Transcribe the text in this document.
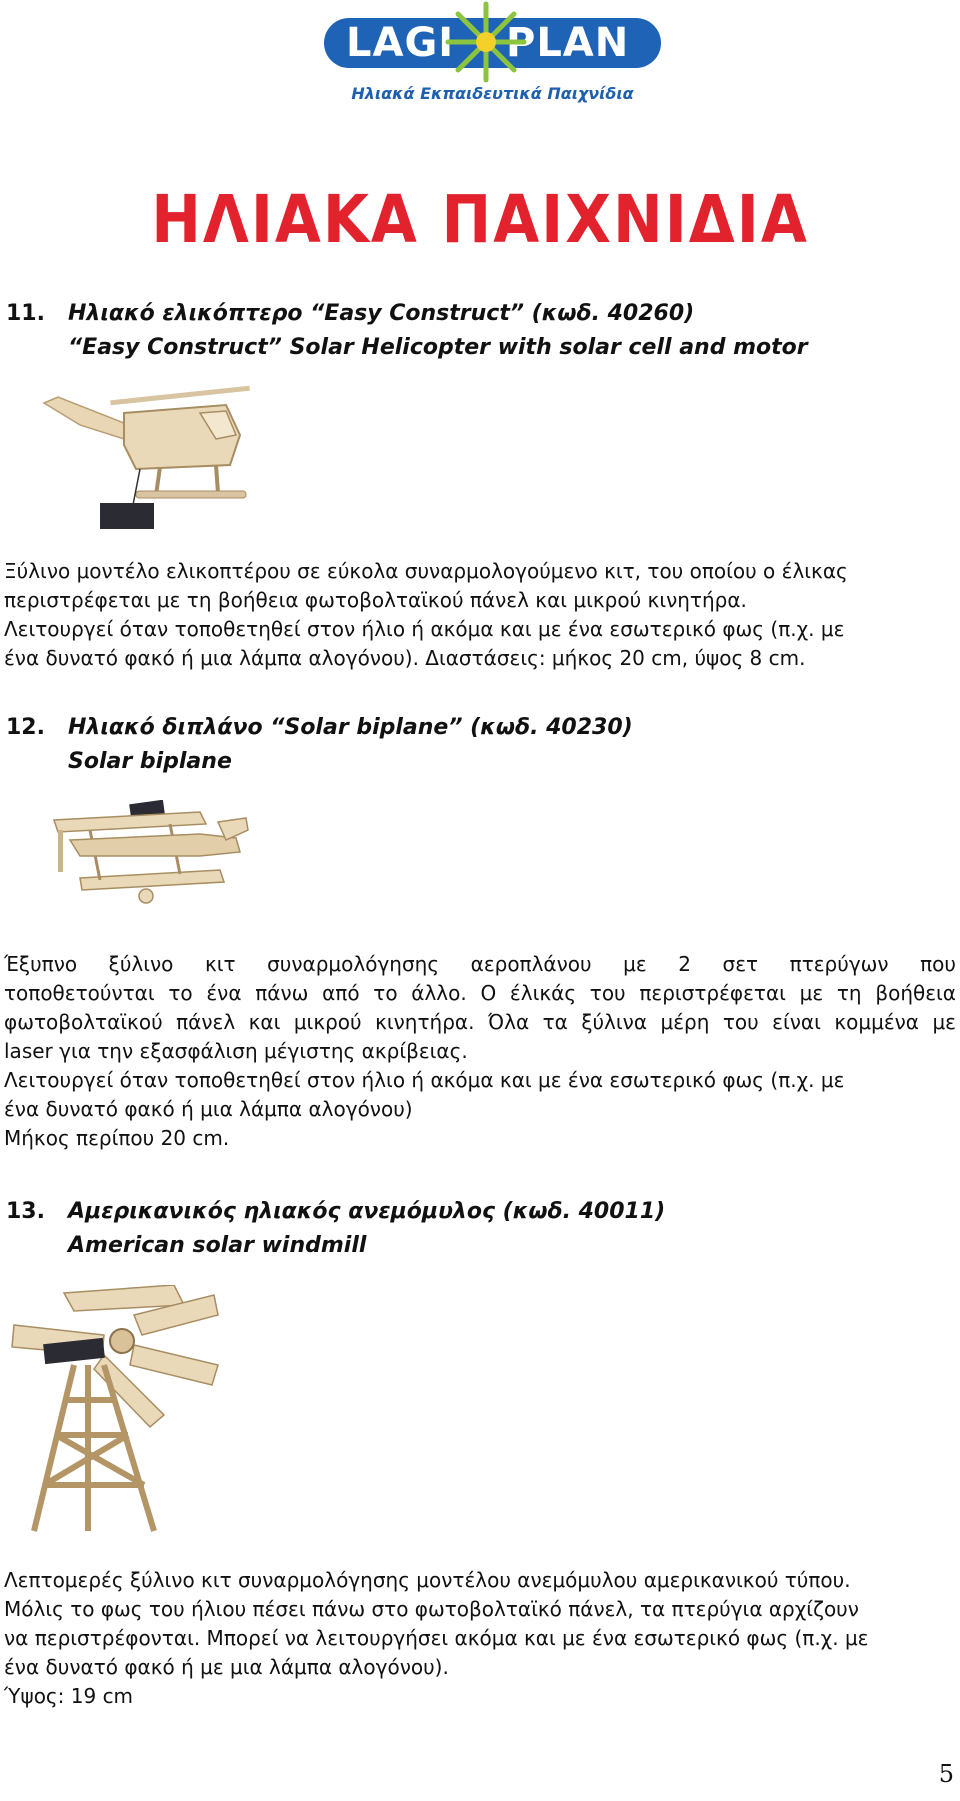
LAGI PLAN
Ηλιακά Εκπαιδευτικά Παιχνίδια
ΗΛΙΑΚΑ ΠΑΙΧΝΙΔΙΑ
11. Ηλιακό ελικόπτερο “Easy Construct” (κωδ. 40260)
“Easy Construct” Solar Helicopter with solar cell and motor
Ξύλινο μοντέλο ελικοπτέρου σε εύκολα συναρμολογούμενο κιτ, του οποίου ο έλικας
περιστρέφεται με τη βοήθεια φωτοβολταϊκού πάνελ και μικρού κινητήρα.
Λειτουργεί όταν τοποθετηθεί στον ήλιο ή ακόμα και με ένα εσωτερικό φως (π.χ. με
ένα δυνατό φακό ή μια λάμπα αλογόνου). Διαστάσεις: μήκος 20 cm, ύψος 8 cm.
12. Ηλιακό διπλάνο “Solar biplane” (κωδ. 40230)
Solar biplane
Έξυπνο ξύλινο κιτ συναρμολόγησης αεροπλάνου με 2 σετ πτερύγων που
τοποθετούνται το ένα πάνω από το άλλο. Ο έλικάς του περιστρέφεται με τη βοήθεια
φωτοβολταϊκού πάνελ και μικρού κινητήρα. Όλα τα ξύλινα μέρη του είναι κομμένα με
laser για την εξασφάλιση μέγιστης ακρίβειας.
Λειτουργεί όταν τοποθετηθεί στον ήλιο ή ακόμα και με ένα εσωτερικό φως (π.χ. με
ένα δυνατό φακό ή μια λάμπα αλογόνου)
Μήκος περίπου 20 cm.
13. Αμερικανικός ηλιακός ανεμόμυλος (κωδ. 40011)
American solar windmill
Λεπτομερές ξύλινο κιτ συναρμολόγησης μοντέλου ανεμόμυλου αμερικανικού τύπου.
Μόλις το φως του ήλιου πέσει πάνω στο φωτοβολταϊκό πάνελ, τα πτερύγια αρχίζουν
να περιστρέφονται. Μπορεί να λειτουργήσει ακόμα και με ένα εσωτερικό φως (π.χ. με
ένα δυνατό φακό ή με μια λάμπα αλογόνου).
Ύψος: 19 cm
5
